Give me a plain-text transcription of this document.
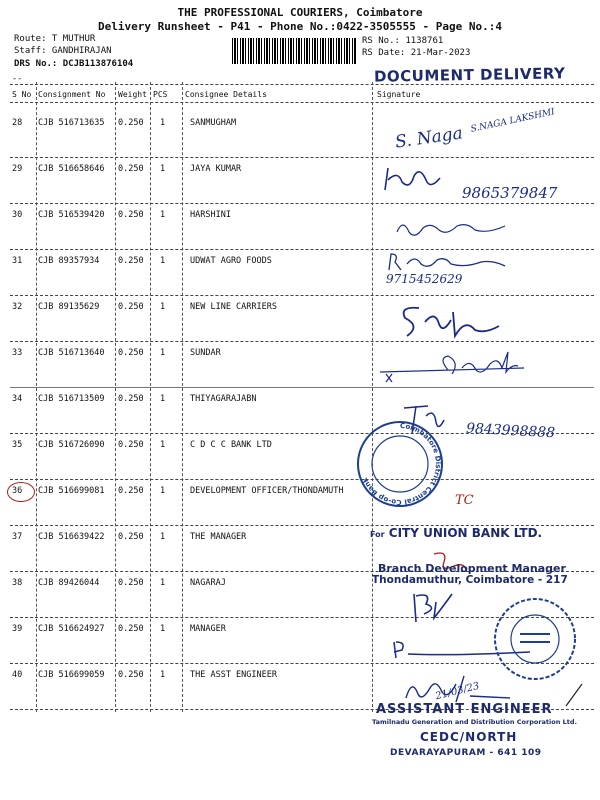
THE PROFESSIONAL COURIERS, Coimbatore
Delivery Runsheet - P41 - Phone No.:0422-3505555 - Page No.:4
Route: T MUTHUR
Staff: GANDHIRAJAN
DRS No.: DCJB113876104
RS No.: 1138761
RS Date: 21-Mar-2023
DOCUMENT DELIVERY
--
S No Consignment No Weight PCS Consignee Details	Signature
28 CJB 516713635 0.250 1	SANMUGHAM
29 CJB 516658646 0.250 1	JAYA KUMAR
30 CJB 516539420 0.250 1	HARSHINI
31 CJB 89357934 0.250 1	UDWAT AGRO FOODS
32 CJB 89135629 0.250 1	NEW LINE CARRIERS
33 CJB 516713640 0.250 1	SUNDAR
34 CJB 516713509 0.250 1	THIYAGARAJABN
35 CJB 516726090 0.250 1	C D C C BANK LTD
36 CJB 516699081 0.250 1	DEVELOPMENT OFFICER/THONDAMUTH
37 CJB 516639422 0.250 1	THE MANAGER
38 CJB 89426044 0.250 1	NAGARAJ
39 CJB 516624927 0.250 1	MANAGER
40 CJB 516699059 0.250 1	THE ASST ENGINEER
S. Naga
S.NAGA LAKSHMI
9865379847
9715452629
9843998888
TC
21/03/23
Coimbatore District Central Co-op Bank
For CITY UNION BANK LTD.
Branch Development Manager
Thondamuthur, Coimbatore - 217
ASSISTANT ENGINEER
Tamilnadu Generation and Distribution Corporation Ltd.
CEDC/NORTH
DEVARAYAPURAM - 641 109
